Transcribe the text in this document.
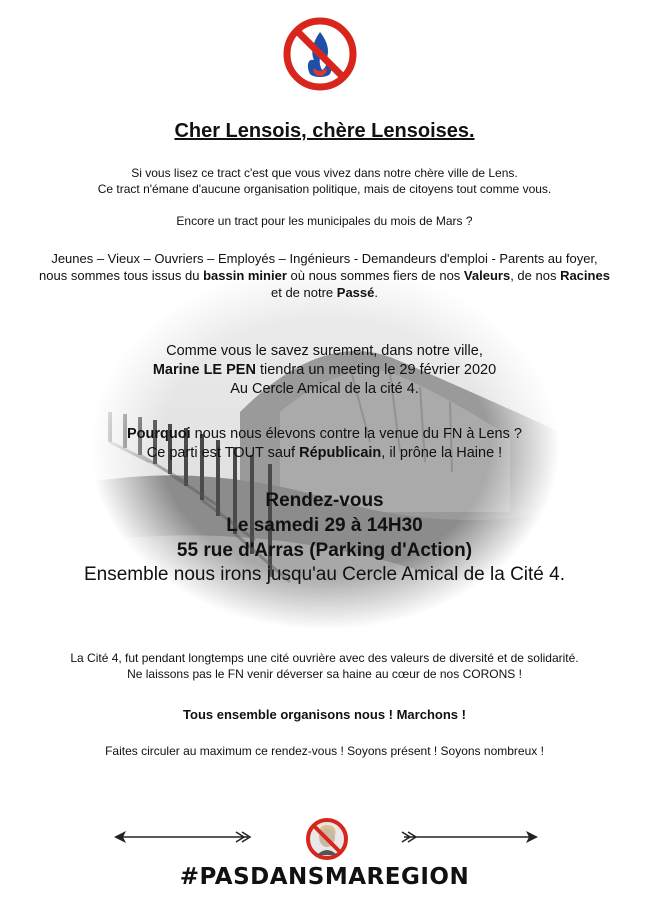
Cher Lensois, chère Lensoises.
Si vous lisez ce tract c'est que vous vivez dans notre chère ville de Lens.
Ce tract n'émane d'aucune organisation politique, mais de citoyens tout comme vous.
Encore un tract pour les municipales du mois de Mars ?
Jeunes – Vieux – Ouvriers – Employés – Ingénieurs - Demandeurs d'emploi - Parents au foyer,
nous sommes tous issus du bassin minier où nous sommes fiers de nos Valeurs, de nos Racines
et de notre Passé.
Comme vous le savez surement, dans notre ville,
Marine LE PEN tiendra un meeting le 29 février 2020
Au Cercle Amical de la cité 4.
Pourquoi nous nous élevons contre la venue du FN à Lens ?
Ce parti est TOUT sauf Républicain, il prône la Haine !
Rendez-vous
Le samedi 29 à 14H30
55 rue d'Arras (Parking d'Action)
Ensemble nous irons jusqu'au Cercle Amical de la Cité 4.
La Cité 4, fut pendant longtemps une cité ouvrière avec des valeurs de diversité et de solidarité.
Ne laissons pas le FN venir déverser sa haine au cœur de nos CORONS !
Tous ensemble organisons nous ! Marchons !
Faites circuler au maximum ce rendez-vous ! Soyons présent ! Soyons nombreux !
#PASDANSMAREGION
